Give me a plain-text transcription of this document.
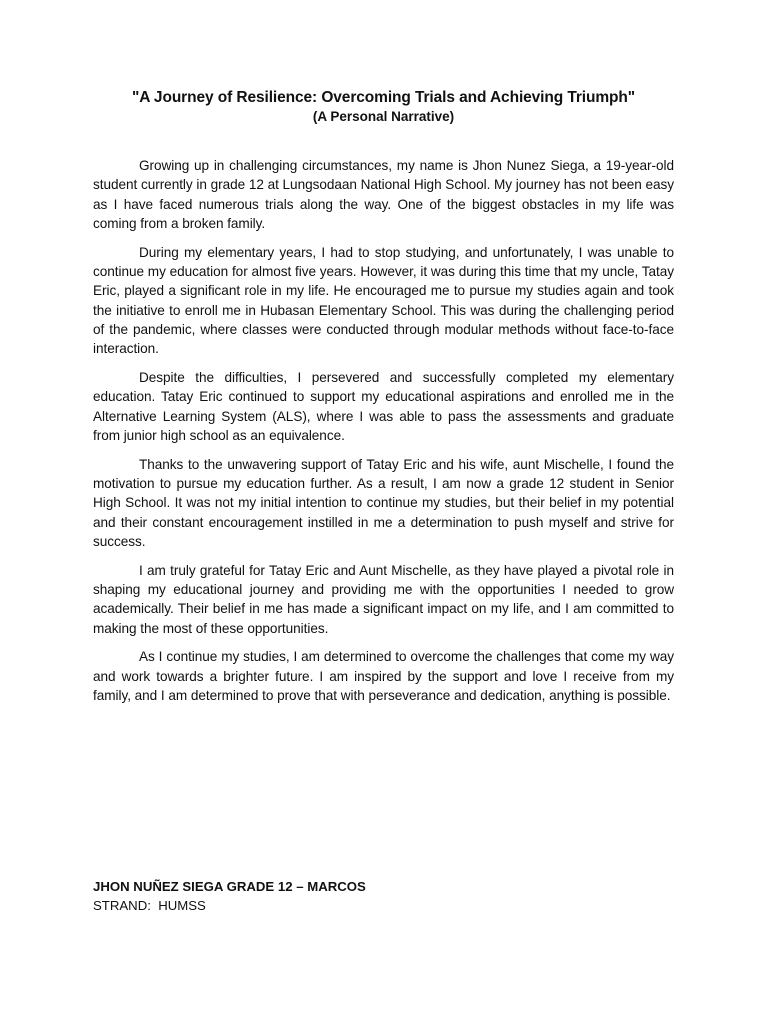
"A Journey of Resilience: Overcoming Trials and Achieving Triumph"
(A Personal Narrative)

Growing up in challenging circumstances, my name is Jhon Nunez Siega, a 19-year-old student currently in grade 12 at Lungsodaan National High School. My journey has not been easy as I have faced numerous trials along the way. One of the biggest obstacles in my life was coming from a broken family.

During my elementary years, I had to stop studying, and unfortunately, I was unable to continue my education for almost five years. However, it was during this time that my uncle, Tatay Eric, played a significant role in my life. He encouraged me to pursue my studies again and took the initiative to enroll me in Hubasan Elementary School. This was during the challenging period of the pandemic, where classes were conducted through modular methods without face-to-face interaction.

Despite the difficulties, I persevered and successfully completed my elementary education. Tatay Eric continued to support my educational aspirations and enrolled me in the Alternative Learning System (ALS), where I was able to pass the assessments and graduate from junior high school as an equivalence.

Thanks to the unwavering support of Tatay Eric and his wife, aunt Mischelle, I found the motivation to pursue my education further. As a result, I am now a grade 12 student in Senior High School. It was not my initial intention to continue my studies, but their belief in my potential and their constant encouragement instilled in me a determination to push myself and strive for success.

I am truly grateful for Tatay Eric and Aunt Mischelle, as they have played a pivotal role in shaping my educational journey and providing me with the opportunities I needed to grow academically. Their belief in me has made a significant impact on my life, and I am committed to making the most of these opportunities.

As I continue my studies, I am determined to overcome the challenges that come my way and work towards a brighter future. I am inspired by the support and love I receive from my family, and I am determined to prove that with perseverance and dedication, anything is possible.

JHON NUÑEZ SIEGA GRADE 12 – MARCOS
STRAND:  HUMSS
